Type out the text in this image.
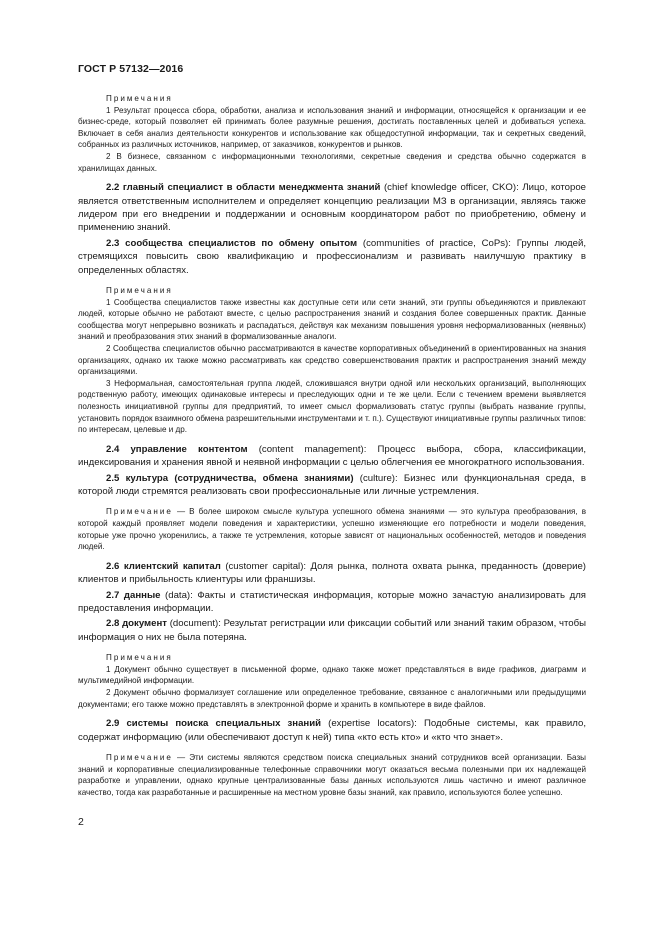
ГОСТ Р 57132—2016

Примечания

1 Результат процесса сбора, обработки, анализа и использования знаний и информации, относящейся к организации и ее бизнес-среде, который позволяет ей принимать более разумные решения, достигать поставленных целей и добиваться успеха. Включает в себя анализ деятельности конкурентов и использование как общедоступной информации, так и секретных сведений, собранных из различных источников, например, от заказчиков, конкурентов и рынков.

2 В бизнесе, связанном с информационными технологиями, секретные сведения и средства обычно содержатся в хранилищах данных.

2.2 главный специалист в области менеджмента знаний (chief knowledge officer, CKO): Лицо, которое является ответственным исполнителем и определяет концепцию реализации МЗ в организации, являясь также лидером при его внедрении и поддержании и основным координатором работ по приобретению, обмену и применению знаний.

2.3 сообщества специалистов по обмену опытом (communities of practice, CoPs): Группы людей, стремящихся повысить свою квалификацию и профессионализм и развивать наилучшую практику в определенных областях.

Примечания

1 Сообщества специалистов также известны как доступные сети или сети знаний, эти группы объединяются и привлекают людей, которые обычно не работают вместе, с целью распространения знаний и создания более совершенных практик. Данные сообщества могут непрерывно возникать и распадаться, действуя как механизм повышения уровня неформализованных (неявных) знаний и преобразования этих знаний в формализованные аналоги.

2 Сообщества специалистов обычно рассматриваются в качестве корпоративных объединений в ориентированных на знания организациях, однако их также можно рассматривать как средство совершенствования практик и распространения знаний между организациями.

3 Неформальная, самостоятельная группа людей, сложившаяся внутри одной или нескольких организаций, выполняющих родственную работу, имеющих одинаковые интересы и преследующих одни и те же цели. Если с течением времени выявляется полезность инициативной группы для предприятий, то имеет смысл формализовать статус группы (выбрать название группы, установить порядок взаимного обмена разрешительными инструментами и т. п.). Существуют инициативные группы различных типов: по интересам, целевые и др.

2.4 управление контентом (content management): Процесс выбора, сбора, классификации, индексирования и хранения явной и неявной информации с целью облегчения ее многократного использования.

2.5 культура (сотрудничества, обмена знаниями) (culture): Бизнес или функциональная среда, в которой люди стремятся реализовать свои профессиональные или личные устремления.

Примечание — В более широком смысле культура успешного обмена знаниями — это культура преобразования, в которой каждый проявляет модели поведения и характеристики, успешно изменяющие его потребности и модели поведения, которые уже прочно укоренились, а также те устремления, которые зависят от национальных особенностей, методов и поведения людей.

2.6 клиентский капитал (customer capital): Доля рынка, полнота охвата рынка, преданность (доверие) клиентов и прибыльность клиентуры или франшизы.

2.7 данные (data): Факты и статистическая информация, которые можно зачастую анализировать для предоставления информации.

2.8 документ (document): Результат регистрации или фиксации событий или знаний таким образом, чтобы информация о них не была потеряна.

Примечания

1 Документ обычно существует в письменной форме, однако также может представляться в виде графиков, диаграмм и мультимедийной информации.

2 Документ обычно формализует соглашение или определенное требование, связанное с аналогичными или предыдущими документами; его также можно представлять в электронной форме и хранить в компьютере в виде файлов.

2.9 системы поиска специальных знаний (expertise locators): Подобные системы, как правило, содержат информацию (или обеспечивают доступ к ней) типа «кто есть кто» и «кто что знает».

Примечание — Эти системы являются средством поиска специальных знаний сотрудников всей организации. Базы знаний и корпоративные специализированные телефонные справочники могут оказаться весьма полезными при их надлежащей разработке и управлении, однако крупные централизованные базы данных используются лишь частично и имеют различное качество, тогда как разработанные и расширенные на местном уровне базы знаний, как правило, используются более успешно.

2
